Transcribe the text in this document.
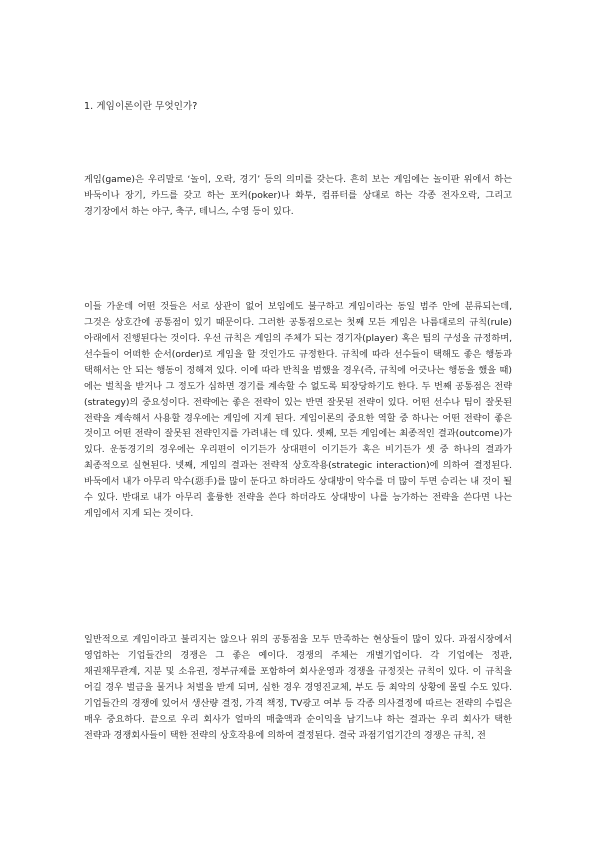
1. 게임이론이란 무엇인가?

게임(game)은 우리말로 ‘놀이, 오락, 경기’ 등의 의미를 갖는다. 흔히 보는 게임에는 놀이판 위에서 하는 바둑이나 장기, 카드를 갖고 하는 포커(poker)나 화투, 컴퓨터를 상대로 하는 각종 전자오락, 그리고 경기장에서 하는 야구, 축구, 테니스, 수영 등이 있다.

이들 가운데 어떤 것들은 서로 상관이 없어 보임에도 불구하고 게임이라는 동일 범주 안에 분류되는데, 그것은 상호간에 공통점이 있기 때문이다. 그러한 공통점으로는 첫째 모든 게임은 나름대로의 규칙(rule) 아래에서 진행된다는 것이다. 우선 규칙은 게임의 주체가 되는 경기자(player) 혹은 팀의 구성을 규정하며, 선수들이 어떠한 순서(order)로 게임을 할 것인가도 규정한다. 규칙에 따라 선수들이 택해도 좋은 행동과 택해서는 안 되는 행동이 정해져 있다. 이에 따라 반칙을 범했을 경우(즉, 규칙에 어긋나는 행동을 했을 때)에는 벌칙을 받거나 그 정도가 심하면 경기를 계속할 수 없도록 퇴장당하기도 한다. 두 번째 공통점은 전략(strategy)의 중요성이다. 전략에는 좋은 전략이 있는 반면 잘못된 전략이 있다. 어떤 선수나 팀이 잘못된 전략을 계속해서 사용할 경우에는 게임에 지게 된다. 게임이론의 중요한 역할 중 하나는 어떤 전략이 좋은 것이고 어떤 전략이 잘못된 전략인지를 가려내는 데 있다. 셋째, 모든 게임에는 최종적인 결과(outcome)가 있다. 운동경기의 경우에는 우리편이 이기든가 상대편이 이기든가 혹은 비기든가 셋 중 하나의 결과가 최종적으로 실현된다. 넷째, 게임의 결과는 전략적 상호작용(strategic interaction)에 의하여 결정된다. 바둑에서 내가 아무리 악수(惡手)를 많이 둔다고 하더라도 상대방이 악수를 더 많이 두면 승리는 내 것이 될 수 있다. 반대로 내가 아무리 훌륭한 전략을 쓴다 하더라도 상대방이 나를 능가하는 전략을 쓴다면 나는 게임에서 지게 되는 것이다.

일반적으로 게임이라고 불리지는 않으나 위의 공통점을 모두 만족하는 현상들이 많이 있다. 과점시장에서 영업하는 기업들간의 경쟁은 그 좋은 예이다. 경쟁의 주체는 개별기업이다. 각 기업에는 정관, 채권채무관계, 지분 및 소유권, 정부규제를 포함하여 회사운영과 경쟁을 규정짓는 규칙이 있다. 이 규칙을 어길 경우 벌금을 물거나 처벌을 받게 되며, 심한 경우 경영진교체, 부도 등 최악의 상황에 몰릴 수도 있다. 기업들간의 경쟁에 있어서 생산량 결정, 가격 책정, TV광고 여부 등 각종 의사결정에 따르는 전략의 수립은 매우 중요하다. 끝으로 우리 회사가 얼마의 매출액과 순이익을 남기느냐 하는 결과는 우리 회사가 택한 전략과 경쟁회사들이 택한 전략의 상호작용에 의하여 결정된다. 결국 과점기업기간의 경쟁은 규칙, 전
